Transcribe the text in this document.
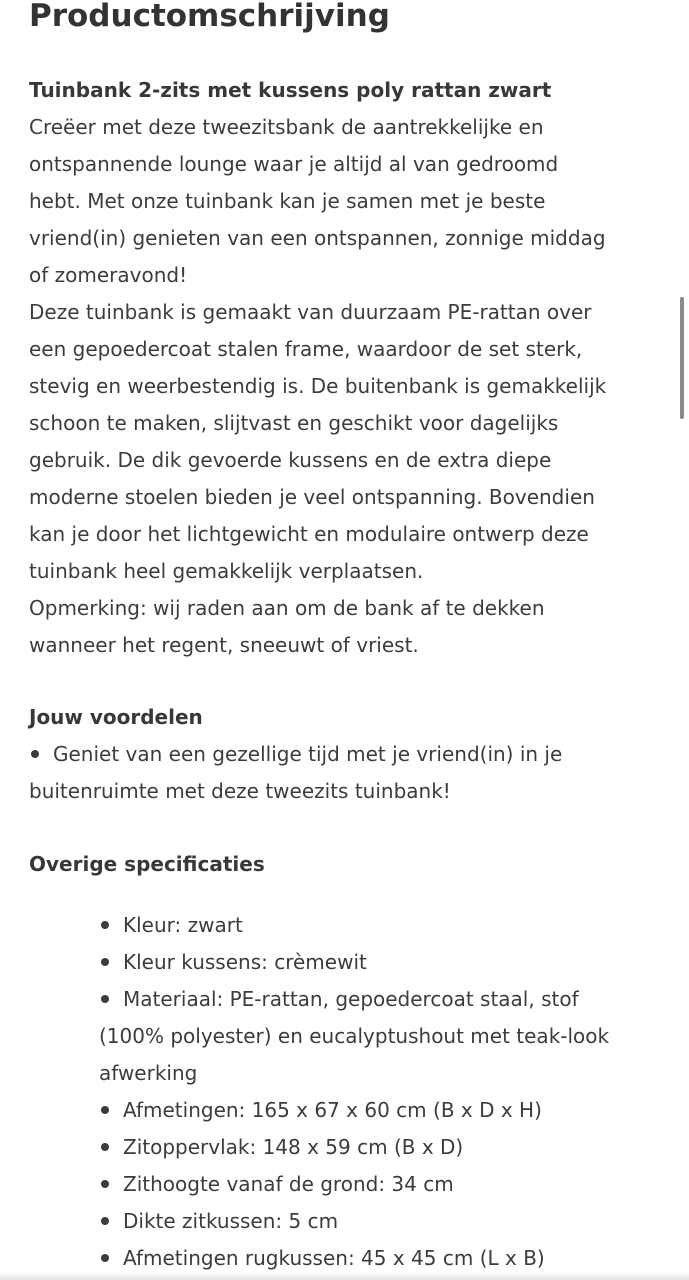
Productomschrijving

Tuinbank 2-zits met kussens poly rattan zwart

Creëer met deze tweezitsbank de aantrekkelijke en

ontspannende lounge waar je altijd al van gedroomd

hebt. Met onze tuinbank kan je samen met je beste

vriend(in) genieten van een ontspannen, zonnige middag

of zomeravond!

Deze tuinbank is gemaakt van duurzaam PE-rattan over

een gepoedercoat stalen frame, waardoor de set sterk,

stevig en weerbestendig is. De buitenbank is gemakkelijk

schoon te maken, slijtvast en geschikt voor dagelijks

gebruik. De dik gevoerde kussens en de extra diepe

moderne stoelen bieden je veel ontspanning. Bovendien

kan je door het lichtgewicht en modulaire ontwerp deze

tuinbank heel gemakkelijk verplaatsen.

Opmerking: wij raden aan om de bank af te dekken

wanneer het regent, sneeuwt of vriest.

Jouw voordelen

Geniet van een gezellige tijd met je vriend(in) in je

buitenruimte met deze tweezits tuinbank!

Overige specificaties

Kleur: zwart

Kleur kussens: crèmewit

Materiaal: PE-rattan, gepoedercoat staal, stof

(100% polyester) en eucalyptushout met teak-look

afwerking

Afmetingen: 165 x 67 x 60 cm (B x D x H)

Zitoppervlak: 148 x 59 cm (B x D)

Zithoogte vanaf de grond: 34 cm

Dikte zitkussen: 5 cm

Afmetingen rugkussen: 45 x 45 cm (L x B)
